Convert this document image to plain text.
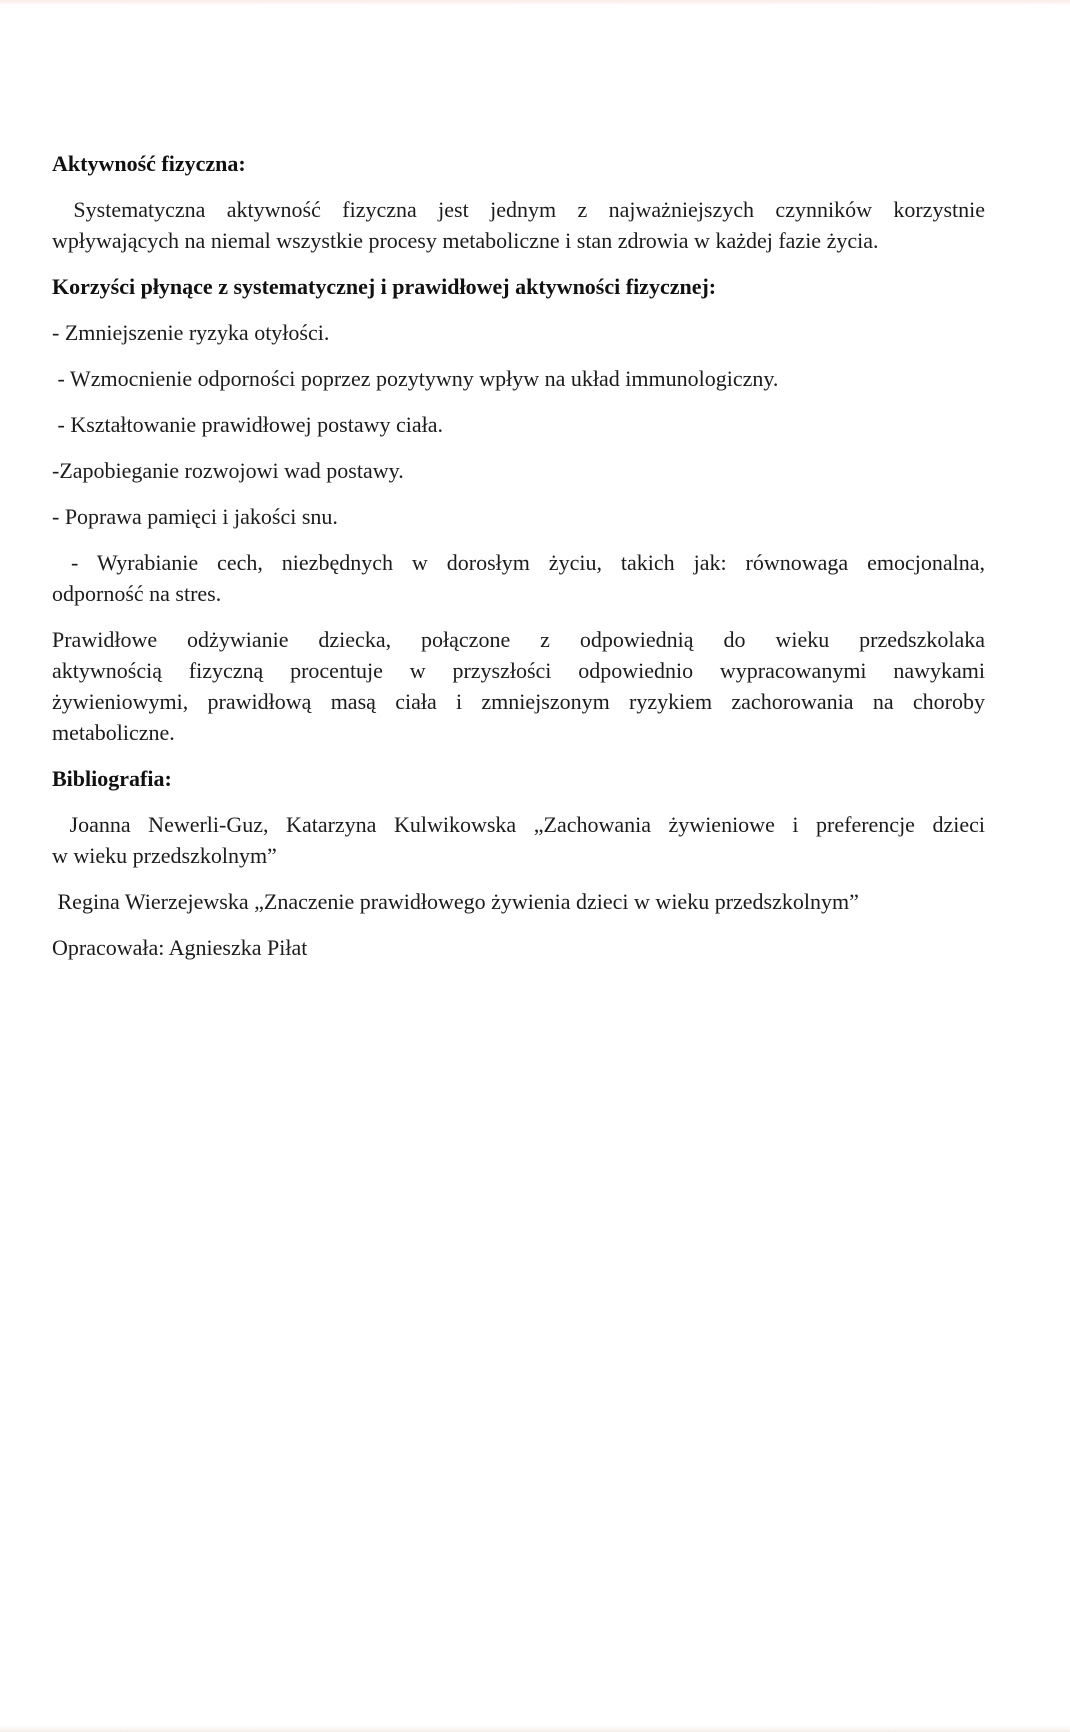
Aktywność fizyczna:
Systematyczna aktywność fizyczna jest jednym z najważniejszych czynników korzystnie
wpływających na niemal wszystkie procesy metaboliczne i stan zdrowia w każdej fazie życia.
Korzyści płynące z systematycznej i prawidłowej aktywności fizycznej:
- Zmniejszenie ryzyka otyłości.
- Wzmocnienie odporności poprzez pozytywny wpływ na układ immunologiczny.
- Kształtowanie prawidłowej postawy ciała.
-Zapobieganie rozwojowi wad postawy.
- Poprawa pamięci i jakości snu.
- Wyrabianie cech, niezbędnych w dorosłym życiu, takich jak: równowaga emocjonalna,
odporność na stres.
Prawidłowe odżywianie dziecka, połączone z odpowiednią do wieku przedszkolaka
aktywnością fizyczną procentuje w przyszłości odpowiednio wypracowanymi nawykami
żywieniowymi, prawidłową masą ciała i zmniejszonym ryzykiem zachorowania na choroby
metaboliczne.
Bibliografia:
Joanna Newerli-Guz, Katarzyna Kulwikowska „Zachowania żywieniowe i preferencje dzieci
w wieku przedszkolnym”
Regina Wierzejewska „Znaczenie prawidłowego żywienia dzieci w wieku przedszkolnym”
Opracowała: Agnieszka Piłat
